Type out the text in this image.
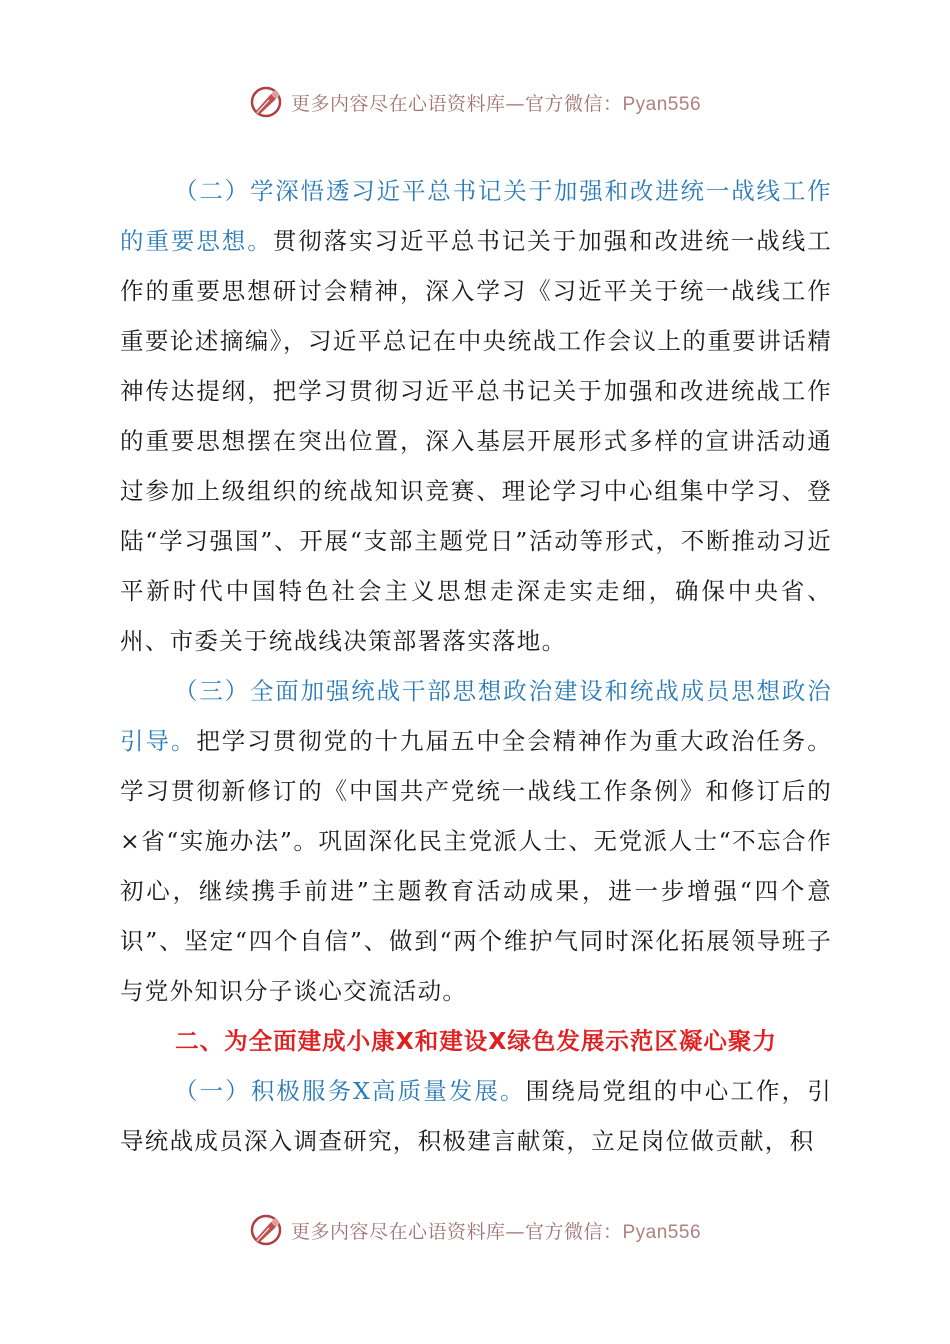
更多内容尽在心语资料库—官方微信：Pyan556

（二）学深悟透习近平总书记关于加强和改进统一战线工作的重要思想。贯彻落实习近平总书记关于加强和改进统一战线工作的重要思想研讨会精神，深入学习《习近平关于统一战线工作重要论述摘编》，习近平总记在中央统战工作会议上的重要讲话精神传达提纲，把学习贯彻习近平总书记关于加强和改进统战工作的重要思想摆在突出位置，深入基层开展形式多样的宣讲活动通过参加上级组织的统战知识竞赛、理论学习中心组集中学习、登陆“学习强国”、开展“支部主题党日”活动等形式，不断推动习近平新时代中国特色社会主义思想走深走实走细，确保中央省、州、市委关于统战线决策部署落实落地。

（三）全面加强统战干部思想政治建设和统战成员思想政治引导。把学习贯彻党的十九届五中全会精神作为重大政治任务。学习贯彻新修订的《中国共产党统一战线工作条例》和修订后的×省“实施办法”。巩固深化民主党派人士、无党派人士“不忘合作初心，继续携手前进”主题教育活动成果，进一步增强“四个意识”、坚定“四个自信”、做到“两个维护气同时深化拓展领导班子与党外知识分子谈心交流活动。

二、为全面建成小康X和建设X绿色发展示范区凝心聚力

（一）积极服务X高质量发展。围绕局党组的中心工作，引导统战成员深入调查研究，积极建言献策，立足岗位做贡献，积

更多内容尽在心语资料库—官方微信：Pyan556
